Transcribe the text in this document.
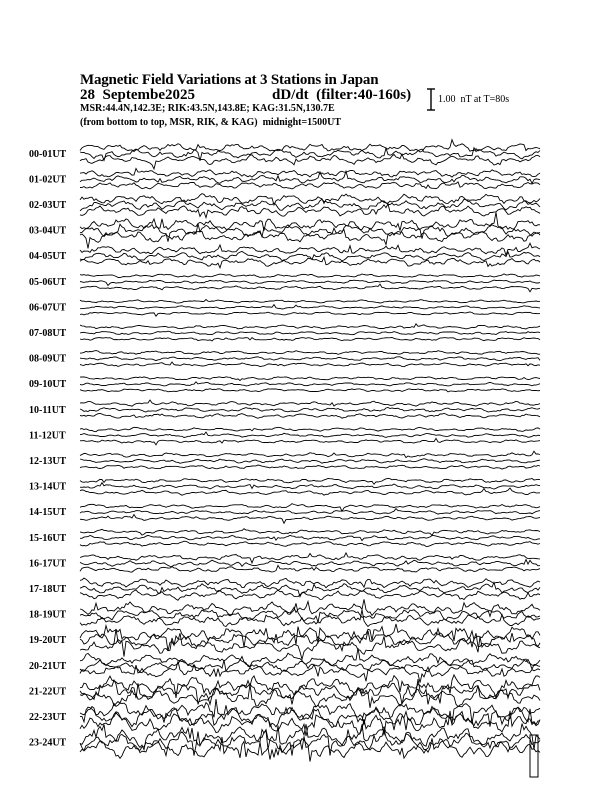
Magnetic Field Variations at 3 Stations in Japan
28  Septembe2025	dD/dt  (filter:40-160s)
MSR:44.4N,142.3E; RIK:43.5N,143.8E; KAG:31.5N,130.7E
(from bottom to top, MSR, RIK, & KAG)  midnight=1500UT
1.00  nT at T=80s
00-01UT
01-02UT
02-03UT
03-04UT
04-05UT
05-06UT
06-07UT
07-08UT
08-09UT
09-10UT
10-11UT
11-12UT
12-13UT
13-14UT
14-15UT
15-16UT
16-17UT
17-18UT
18-19UT
19-20UT
20-21UT
21-22UT
22-23UT
23-24UT
